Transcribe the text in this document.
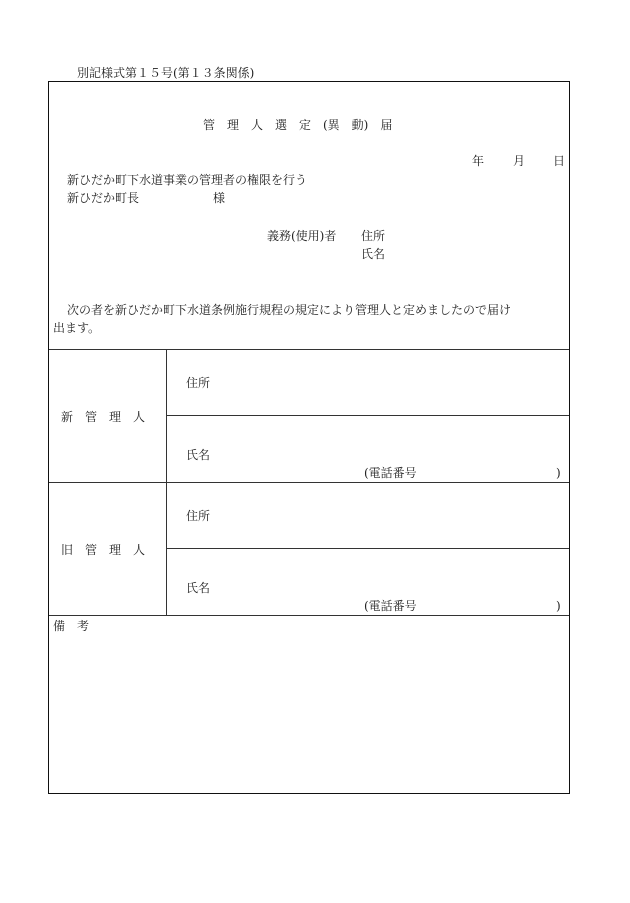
別記様式第１５号(第１３条関係)
管　理　人　選　定　(異　動)　届
年 月 日
新ひだか町下水道事業の管理者の権限を行う
新ひだか町長	様
義務(使用)者 住所
氏名
次の者を新ひだか町下水道条例施行規程の規定により管理人と定めましたので届け
出ます。
新　管　理　人
住所
氏名
(電話番号	)
旧　管　理　人
住所
氏名
(電話番号	)
備　考
